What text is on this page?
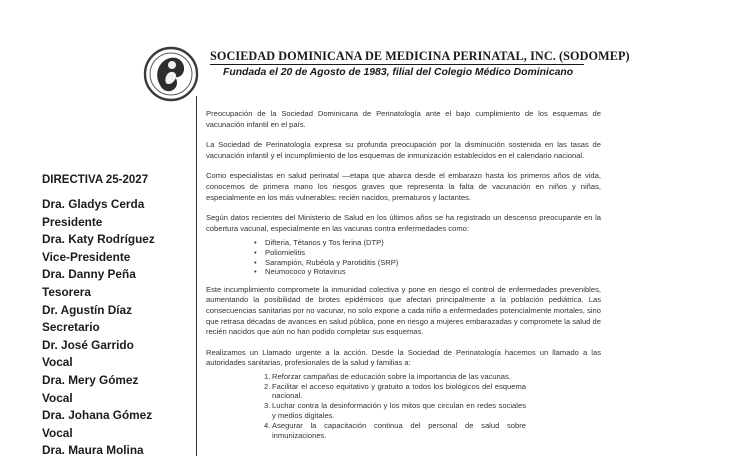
SOCIEDAD DOMINICANA DE MEDICINA PERINATAL, INC. (SODOMEP)
Fundada el 20 de Agosto de 1983, filial del Colegio Médico Dominicano
DIRECTIVA 25-2027
Dra. Gladys Cerda
Presidente
Dra. Katy Rodríguez
Vice-Presidente
Dra. Danny Peña
Tesorera
Dr. Agustín Díaz
Secretario
Dr. José Garrido
Vocal
Dra. Mery Gómez
Vocal
Dra. Johana Gómez
Vocal
Dra. Maura Molina

Preocupación de la Sociedad Dominicana de Perinatología ante el bajo cumplimiento de los esquemas de vacunación infantil en el país.

La Sociedad de Perinatología expresa su profunda preocupación por la disminución sostenida en las tasas de vacunación infantil y el incumplimiento de los esquemas de inmunización establecidos en el calendario nacional.

Como especialistas en salud perinatal —etapa que abarca desde el embarazo hasta los primeros años de vida, conocemos de primera mano los riesgos graves que representa la falta de vacunación en niños y niñas, especialmente en los más vulnerables: recién nacidos, prematuros y lactantes.

Según datos recientes del Ministerio de Salud en los últimos años se ha registrado un descenso preocupante en la cobertura vacunal, especialmente en las vacunas contra enfermedades como:

• Difteria, Tétanos y Tos ferina (DTP)
• Poliomielitis
• Sarampión, Rubéola y Parotiditis (SRP)
• Neumococo y Rotavirus

Este incumplimiento compromete la inmunidad colectiva y pone en riesgo el control de enfermedades prevenibles, aumentando la posibilidad de brotes epidémicos que afectan principalmente a la población pediátrica. Las consecuencias sanitarias por no vacunar, no solo expone a cada niño a enfermedades potencialmente mortales, sino que retrasa décadas de avances en salud pública, pone en riesgo a mujeres embarazadas y compromete la salud de recién nacidos que aún no han podido completar sus esquemas.

Realizamos un Llamado urgente a la acción. Desde la Sociedad de Perinatología hacemos un llamado a las autoridades sanitarias, profesionales de la salud y familias a:

1. Reforzar campañas de educación sobre la importancia de las vacunas.
2. Facilitar el acceso equitativo y gratuito a todos los biológicos del esquema nacional.
3. Luchar contra la desinformación y los mitos que circulan en redes sociales y medios digitales.
4. Asegurar la capacitación continua del personal de salud sobre inmunizaciones.
